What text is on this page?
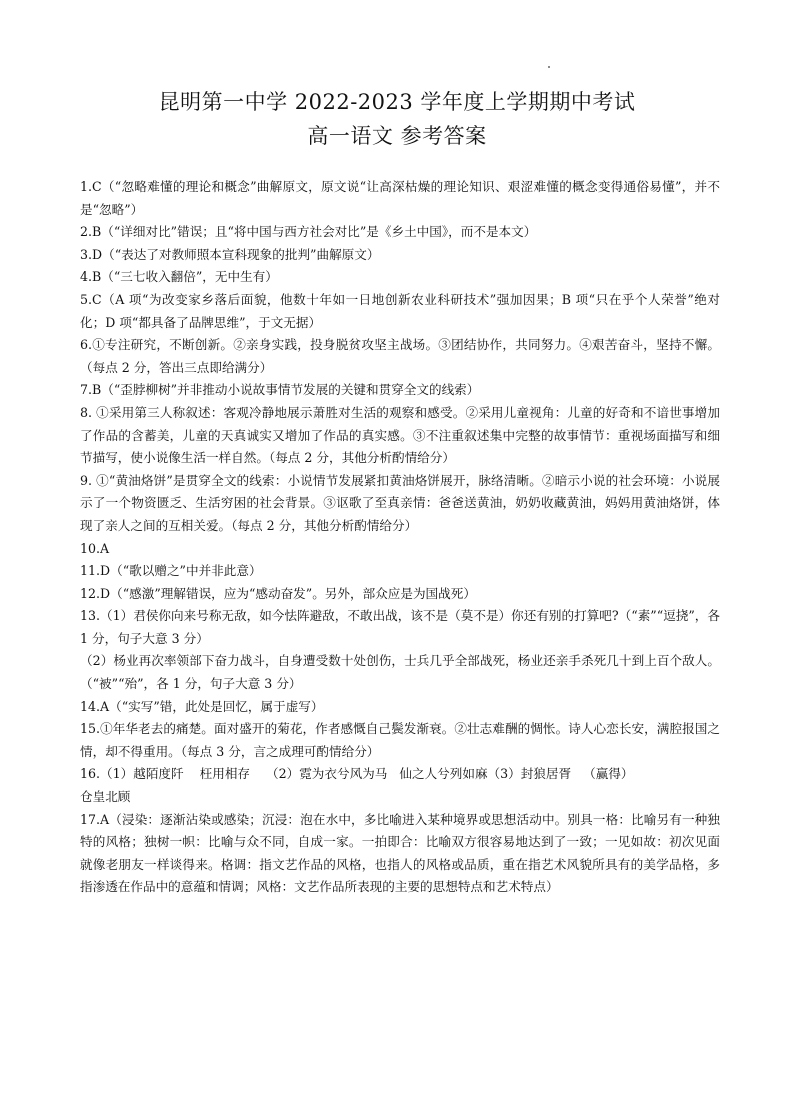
昆明第一中学 2022-2023 学年度上学期期中考试
高一语文 参考答案

1.C（“忽略难懂的理论和概念”曲解原文，原文说“让高深枯燥的理论知识、艰涩难懂的概念变得通俗易懂”，并不是“忽略”）

2.B（“详细对比”错误；且“将中国与西方社会对比”是《乡土中国》，而不是本文）

3.D（“表达了对教师照本宣科现象的批判”曲解原文）

4.B（“三七收入翻倍”，无中生有）

5.C（A 项“为改变家乡落后面貌，他数十年如一日地创新农业科研技术”强加因果；B 项“只在乎个人荣誉”绝对化；D 项“都具备了品牌思维”，于文无据）

6.①专注研究，不断创新。②亲身实践，投身脱贫攻坚主战场。③团结协作，共同努力。④艰苦奋斗，坚持不懈。（每点 2 分，答出三点即给满分）

7.B（“歪脖柳树”并非推动小说故事情节发展的关键和贯穿全文的线索）

8. ①采用第三人称叙述：客观冷静地展示萧胜对生活的观察和感受。②采用儿童视角：儿童的好奇和不谙世事增加了作品的含蓄美，儿童的天真诚实又增加了作品的真实感。③不注重叙述集中完整的故事情节：重视场面描写和细节描写，使小说像生活一样自然。（每点 2 分，其他分析酌情给分）

9. ①“黄油烙饼”是贯穿全文的线索：小说情节发展紧扣黄油烙饼展开，脉络清晰。②暗示小说的社会环境：小说展示了一个物资匮乏、生活穷困的社会背景。③讴歌了至真亲情：爸爸送黄油，奶奶收藏黄油，妈妈用黄油烙饼，体现了亲人之间的互相关爱。（每点 2 分，其他分析酌情给分）

10.A

11.D（“歌以赠之”中并非此意）

12.D（“感激”理解错误，应为“感动奋发”。另外，部众应是为国战死）

13.（1）君侯你向来号称无敌，如今怯阵避敌，不敢出战，该不是（莫不是）你还有别的打算吧?（“素”“逗挠”，各 1 分，句子大意 3 分）

（2）杨业再次率领部下奋力战斗，自身遭受数十处创伤，士兵几乎全部战死，杨业还亲手杀死几十到上百个敌人。（“被”“殆”，各 1 分，句子大意 3 分）

14.A（“实写”错，此处是回忆，属于虚写）

15.①年华老去的痛楚。面对盛开的菊花，作者感慨自己鬓发渐衰。②壮志难酬的惆怅。诗人心恋长安，满腔报国之情，却不得重用。（每点 3 分，言之成理可酌情给分）

16.（1）越陌度阡 枉用相存 （2）霓为衣兮风为马 仙之人兮列如麻（3）封狼居胥 （赢得）
仓皇北顾

17.A（浸染：逐渐沾染或感染；沉浸：泡在水中，多比喻进入某种境界或思想活动中。别具一格：比喻另有一种独特的风格；独树一帜：比喻与众不同，自成一家。一拍即合：比喻双方很容易地达到了一致；一见如故：初次见面就像老朋友一样谈得来。格调：指文艺作品的风格，也指人的风格或品质，重在指艺术风貌所具有的美学品格，多指渗透在作品中的意蕴和情调；风格：文艺作品所表现的主要的思想特点和艺术特点）
